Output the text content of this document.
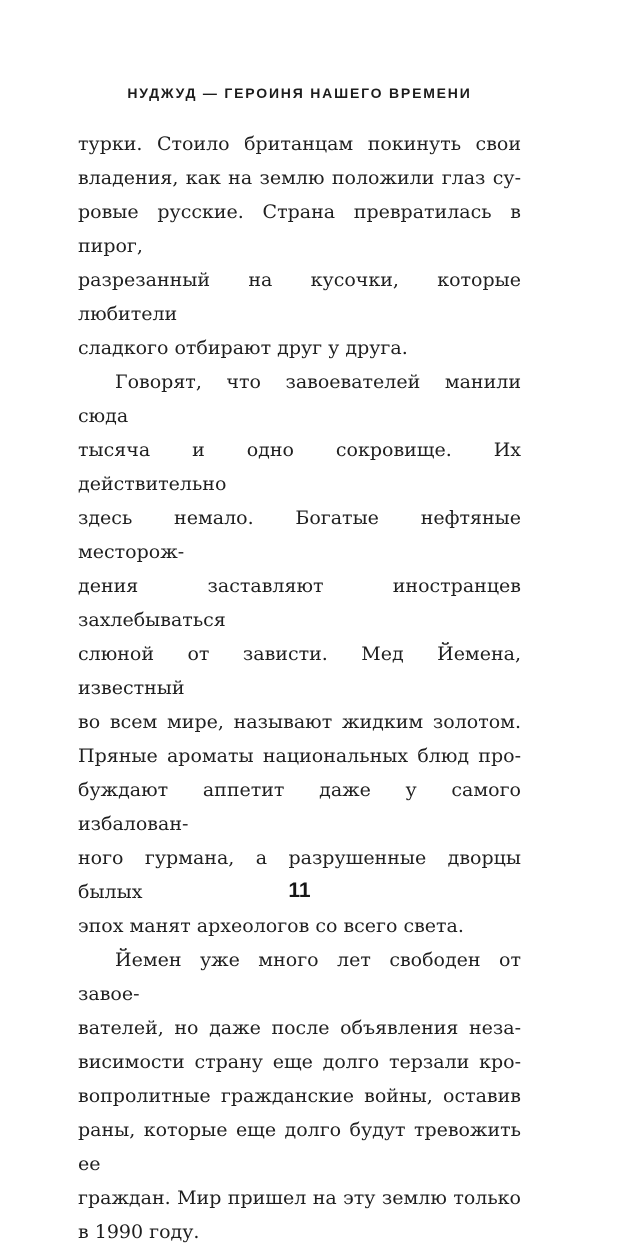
НУДЖУД — ГЕРОИНЯ НАШЕГО ВРЕМЕНИ
турки. Стоило британцам покинуть свои
владения, как на землю положили глаз су-
ровые русские. Страна превратилась в пирог,
разрезанный на кусочки, которые любители
сладкого отбирают друг у друга.
Говорят, что завоевателей манили сюда
тысяча и одно сокровище. Их действительно
здесь немало. Богатые нефтяные месторож-
дения заставляют иностранцев захлебываться
слюной от зависти. Мед Йемена, известный
во всем мире, называют жидким золотом.
Пряные ароматы национальных блюд про-
буждают аппетит даже у самого избалован-
ного гурмана, а разрушенные дворцы былых
эпох манят археологов со всего света.
Йемен уже много лет свободен от завое-
вателей, но даже после объявления неза-
висимости страну еще долго терзали кро-
вопролитные гражданские войны, оставив
раны, которые еще долго будут тревожить ее
граждан. Мир пришел на эту землю только
в 1990 году.
11
